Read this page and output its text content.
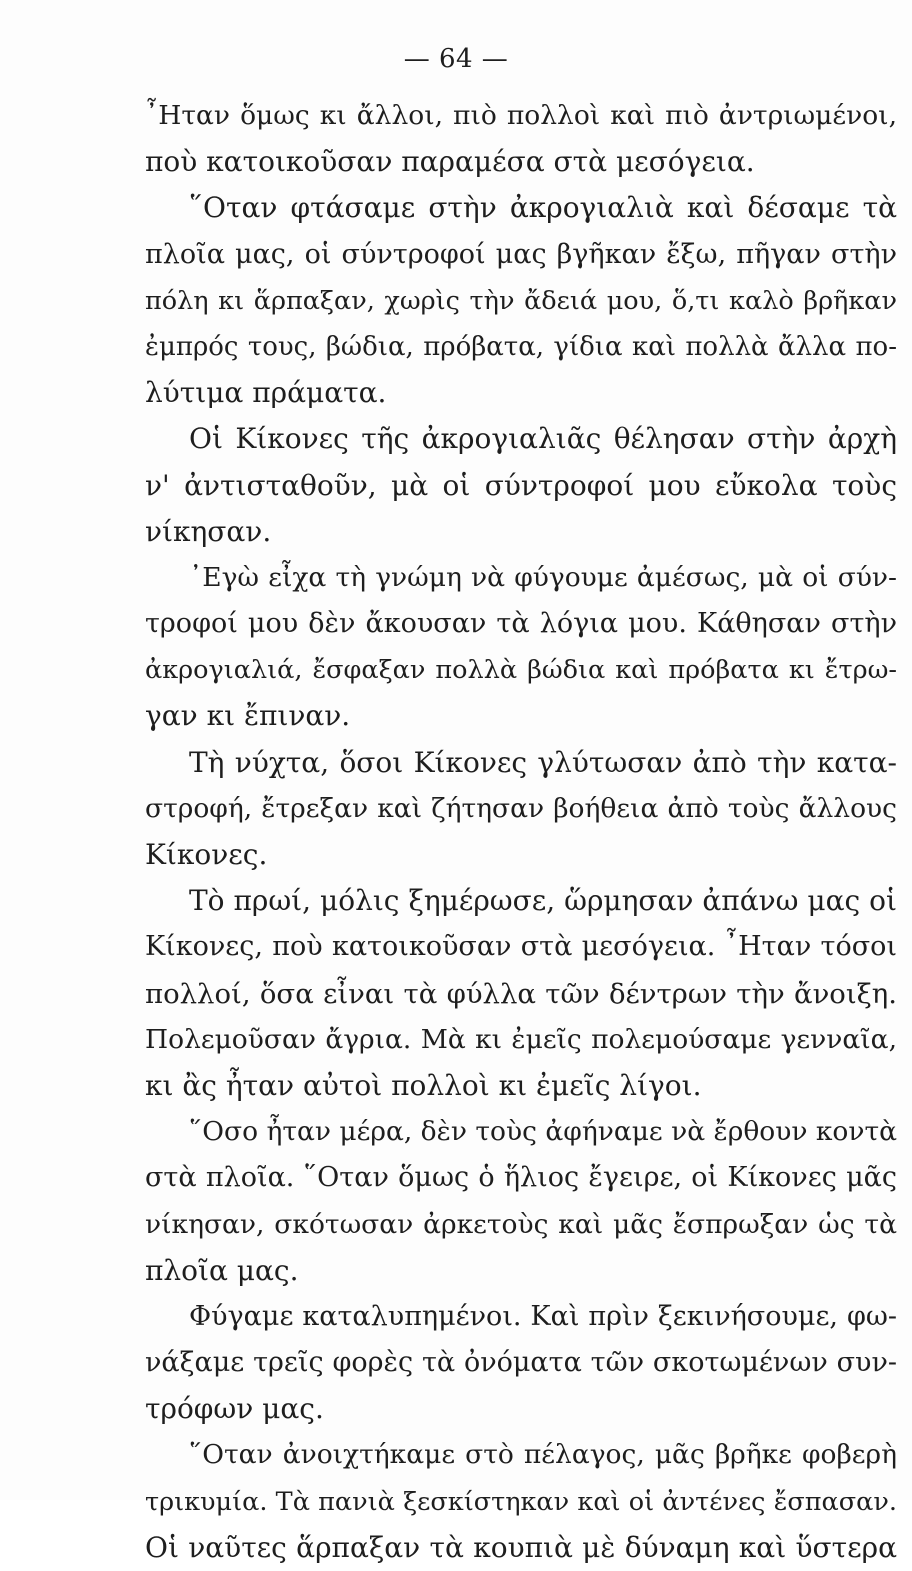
— 64 —
῏Ηταν ὅμως κι ἄλλοι, πιὸ πολλοὶ καὶ πιὸ ἀντριωμένοι,
ποὺ κατοικοῦσαν παραμέσα στὰ μεσόγεια.
῞Οταν φτάσαμε στὴν ἀκρογιαλιὰ καὶ δέσαμε τὰ
πλοῖα μας, οἱ σύντροφοί μας βγῆκαν ἔξω, πῆγαν στὴν
πόλη κι ἅρπαξαν, χωρὶς τὴν ἄδειά μου, ὅ,τι καλὸ βρῆκαν
ἐμπρός τους, βώδια, πρόβατα, γίδια καὶ πολλὰ ἄλλα πο-
λύτιμα πράματα.
Οἱ Κίκονες τῆς ἀκρογιαλιᾶς θέλησαν στὴν ἀρχὴ
ν' ἀντισταθοῦν, μὰ οἱ σύντροφοί μου εὔκολα τοὺς
νίκησαν.
᾿Εγὼ εἶχα τὴ γνώμη νὰ φύγουμε ἀμέσως, μὰ οἱ σύν-
τροφοί μου δὲν ἄκουσαν τὰ λόγια μου. Κάθησαν στὴν
ἀκρογιαλιά, ἔσφαξαν πολλὰ βώδια καὶ πρόβατα κι ἔτρω-
γαν κι ἔπιναν.
Τὴ νύχτα, ὅσοι Κίκονες γλύτωσαν ἀπὸ τὴν κατα-
στροφή, ἔτρεξαν καὶ ζήτησαν βοήθεια ἀπὸ τοὺς ἄλλους
Κίκονες.
Τὸ πρωί, μόλις ξημέρωσε, ὥρμησαν ἀπάνω μας οἱ
Κίκονες, ποὺ κατοικοῦσαν στὰ μεσόγεια. ῏Ηταν τόσοι
πολλοί, ὅσα εἶναι τὰ φύλλα τῶν δέντρων τὴν ἄνοιξη.
Πολεμοῦσαν ἄγρια. Μὰ κι ἐμεῖς πολεμούσαμε γενναῖα,
κι ἂς ἦταν αὐτοὶ πολλοὶ κι ἐμεῖς λίγοι.
῞Οσο ἦταν μέρα, δὲν τοὺς ἀφήναμε νὰ ἔρθουν κοντὰ
στὰ πλοῖα. ῞Οταν ὅμως ὁ ἥλιος ἔγειρε, οἱ Κίκονες μᾶς
νίκησαν, σκότωσαν ἀρκετοὺς καὶ μᾶς ἔσπρωξαν ὡς τὰ
πλοῖα μας.
Φύγαμε καταλυπημένοι. Καὶ πρὶν ξεκινήσουμε, φω-
νάξαμε τρεῖς φορὲς τὰ ὀνόματα τῶν σκοτωμένων συν-
τρόφων μας.
῞Οταν ἀνοιχτήκαμε στὸ πέλαγος, μᾶς βρῆκε φοβερὴ
τρικυμία. Τὰ πανιὰ ξεσκίστηκαν καὶ οἱ ἀντένες ἔσπασαν.
Οἱ ναῦτες ἅρπαξαν τὰ κουπιὰ μὲ δύναμη καὶ ὕστερα
